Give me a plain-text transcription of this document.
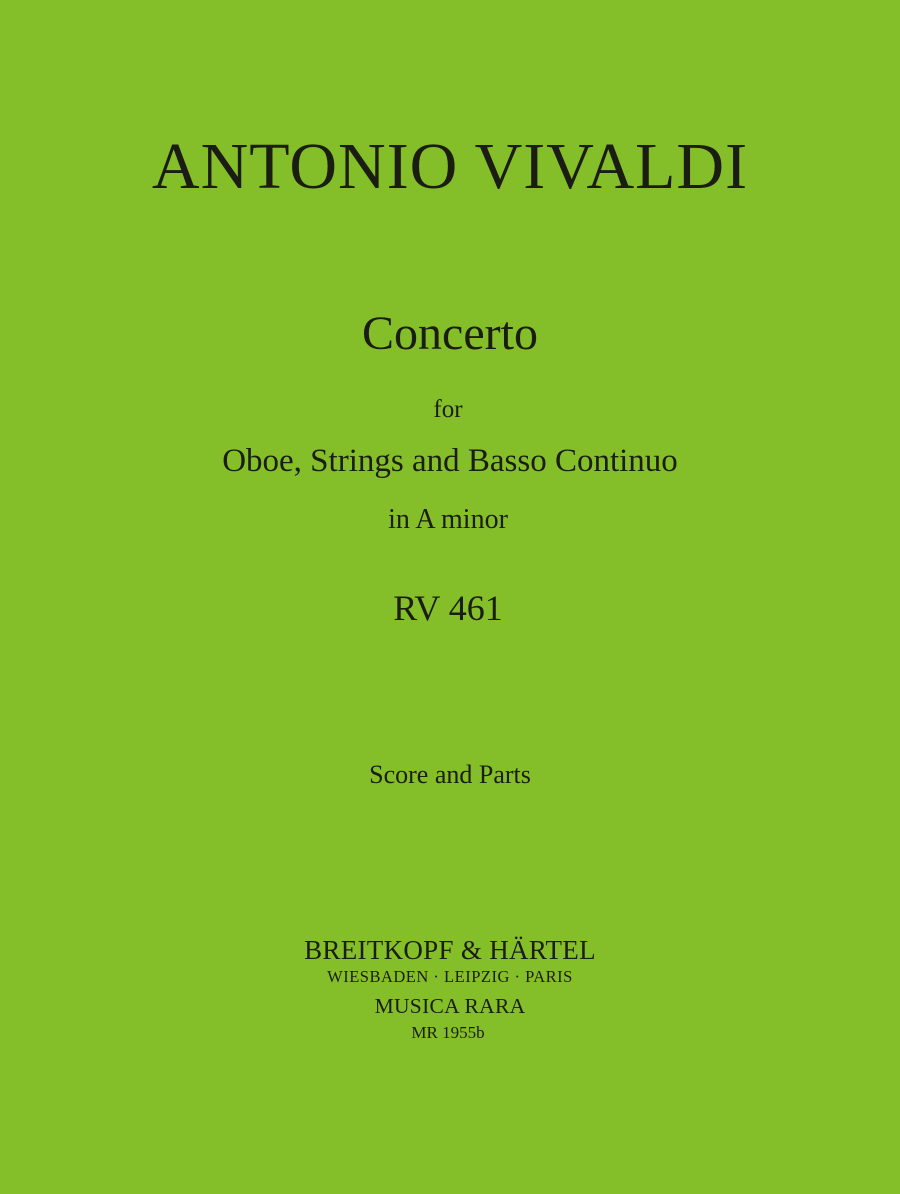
ANTONIO VIVALDI
Concerto
for
Oboe, Strings and Basso Continuo
in A minor
RV 461
Score and Parts
BREITKOPF & HÄRTEL
WIESBADEN · LEIPZIG · PARIS
MUSICA RARA
MR 1955b
